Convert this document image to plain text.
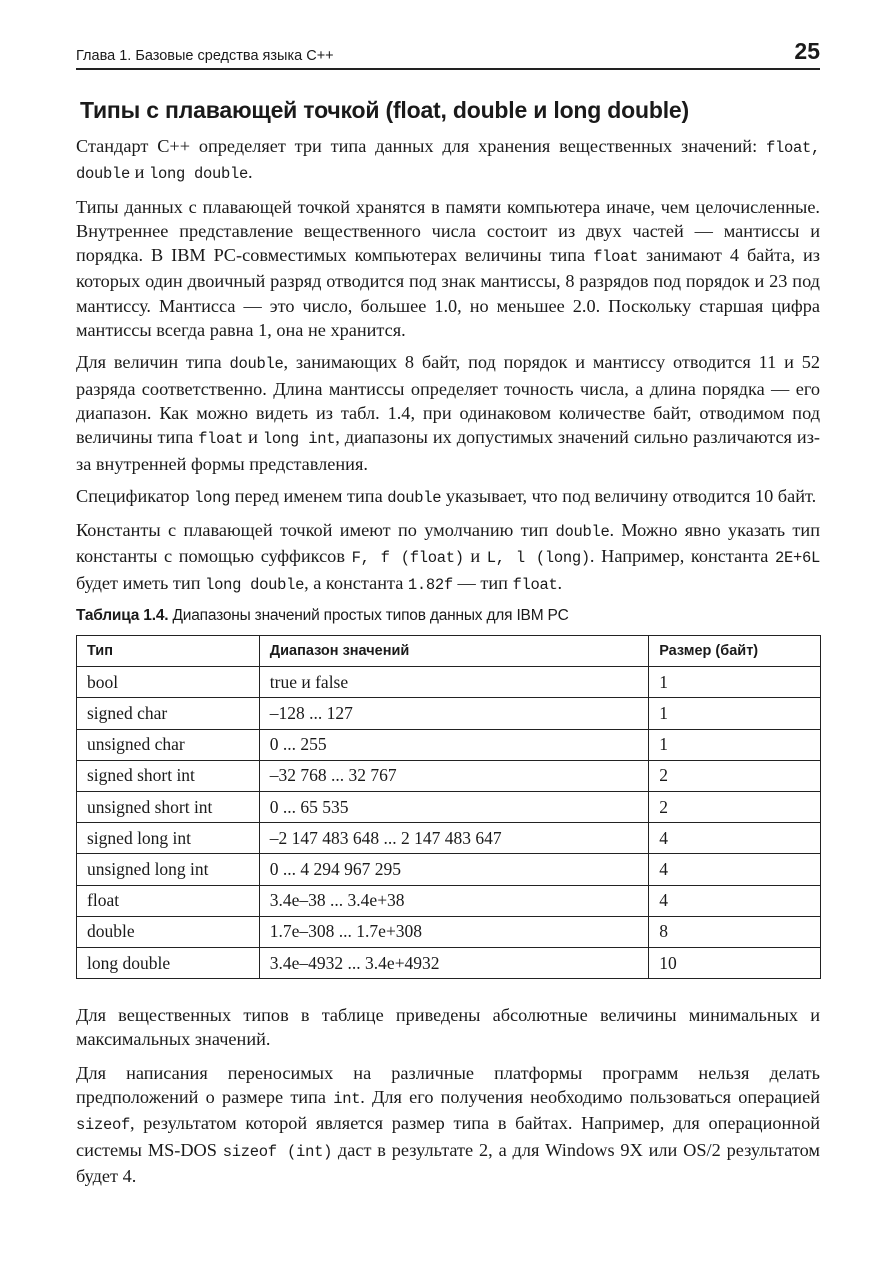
Глава 1. Базовые средства языка C++	25
Типы с плавающей точкой (float, double и long double)

Стандарт C++ определяет три типа данных для хранения вещественных значений: float, double и long double.

Типы данных с плавающей точкой хранятся в памяти компьютера иначе, чем целочисленные. Внутреннее представление вещественного числа состоит из двух частей — мантиссы и порядка. В IBM PC-совместимых компьютерах величины типа float занимают 4 байта, из которых один двоичный разряд отводится под знак мантиссы, 8 разрядов под порядок и 23 под мантиссу. Мантисса — это число, большее 1.0, но меньшее 2.0. Поскольку старшая цифра мантиссы всегда равна 1, она не хранится.

Для величин типа double, занимающих 8 байт, под порядок и мантиссу отводится 11 и 52 разряда соответственно. Длина мантиссы определяет точность числа, а длина порядка — его диапазон. Как можно видеть из табл. 1.4, при одинаковом количестве байт, отводимом под величины типа float и long int, диапазоны их допустимых значений сильно различаются из-за внутренней формы представления.

Спецификатор long перед именем типа double указывает, что под величину отводится 10 байт.

Константы с плавающей точкой имеют по умолчанию тип double. Можно явно указать тип константы с помощью суффиксов F, f (float) и L, l (long). Например, константа 2E+6L будет иметь тип long double, а константа 1.82f — тип float.

Таблица 1.4. Диапазоны значений простых типов данных для IBM PC
Тип	Диапазон значений	Размер (байт)
bool	true и false	1
signed char	–128 ... 127	1
unsigned char	0 ... 255	1
signed short int	–32 768 ... 32 767	2
unsigned short int	0 ... 65 535	2
signed long int	–2 147 483 648 ... 2 147 483 647	4
unsigned long int	0 ... 4 294 967 295	4
float	3.4e–38 ... 3.4e+38	4
double	1.7e–308 ... 1.7e+308	8
long double	3.4e–4932 ... 3.4e+4932	10

Для вещественных типов в таблице приведены абсолютные величины минимальных и максимальных значений.

Для написания переносимых на различные платформы программ нельзя делать предположений о размере типа int. Для его получения необходимо пользоваться операцией sizeof, результатом которой является размер типа в байтах. Например, для операционной системы MS-DOS sizeof (int) даст в результате 2, а для Windows 9X или OS/2 результатом будет 4.
